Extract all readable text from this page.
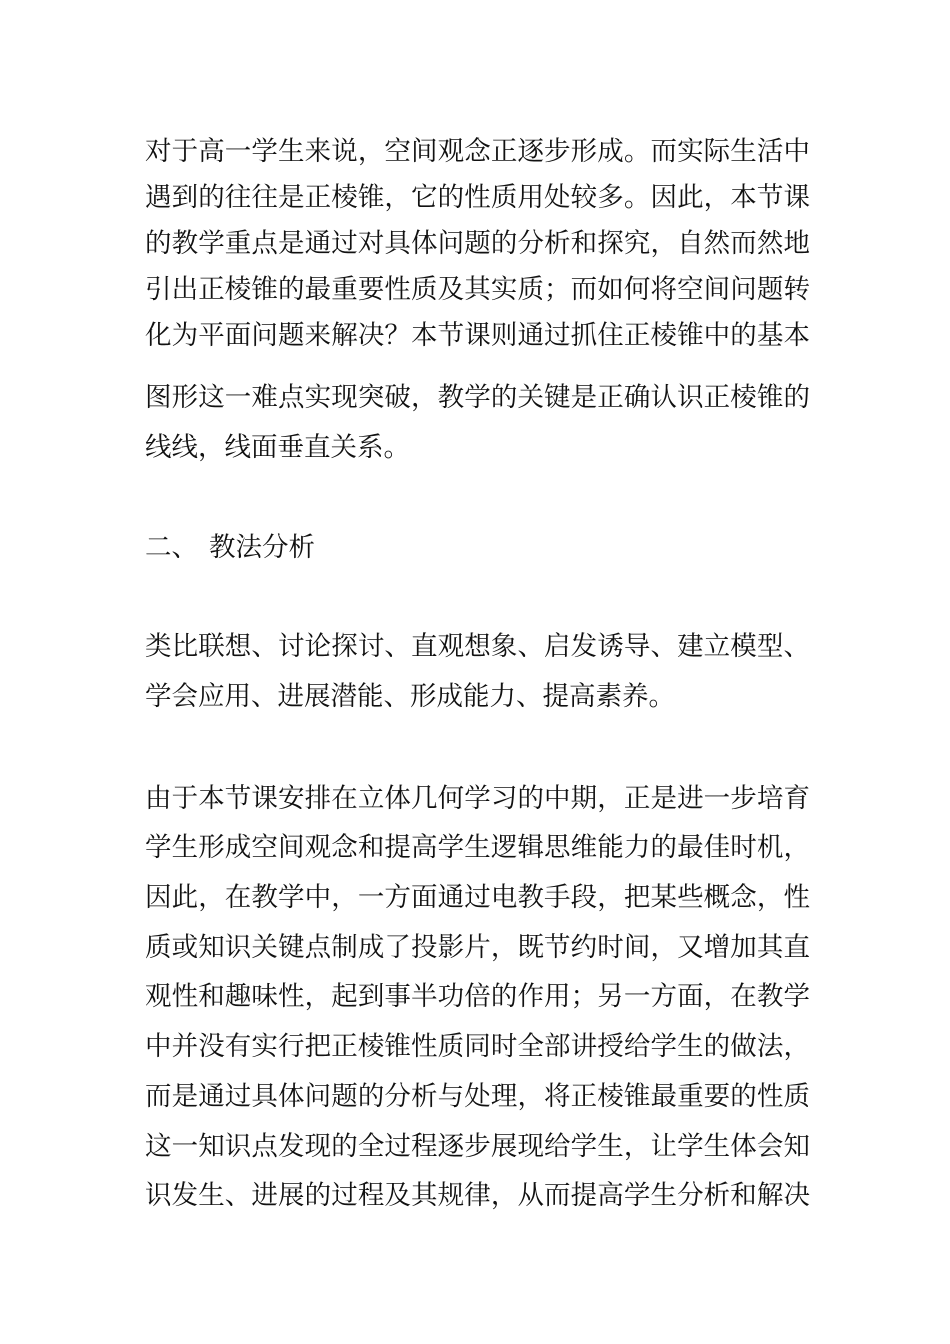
对于高一学生来说，空间观念正逐步形成。而实际生活中
遇到的往往是正棱锥，它的性质用处较多。因此，本节课
的教学重点是通过对具体问题的分析和探究，自然而然地
引出正棱锥的最重要性质及其实质；而如何将空间问题转
化为平面问题来解决？本节课则通过抓住正棱锥中的基本
图形这一难点实现突破，教学的关键是正确认识正棱锥的
线线，线面垂直关系。
二、 教法分析
类比联想、讨论探讨、直观想象、启发诱导、建立模型、
学会应用、进展潜能、形成能力、提高素养。
由于本节课安排在立体几何学习的中期，正是进一步培育
学生形成空间观念和提高学生逻辑思维能力的最佳时机，
因此，在教学中，一方面通过电教手段，把某些概念，性
质或知识关键点制成了投影片，既节约时间，又增加其直
观性和趣味性，起到事半功倍的作用；另一方面，在教学
中并没有实行把正棱锥性质同时全部讲授给学生的做法，
而是通过具体问题的分析与处理，将正棱锥最重要的性质
这一知识点发现的全过程逐步展现给学生，让学生体会知
识发生、进展的过程及其规律，从而提高学生分析和解决
